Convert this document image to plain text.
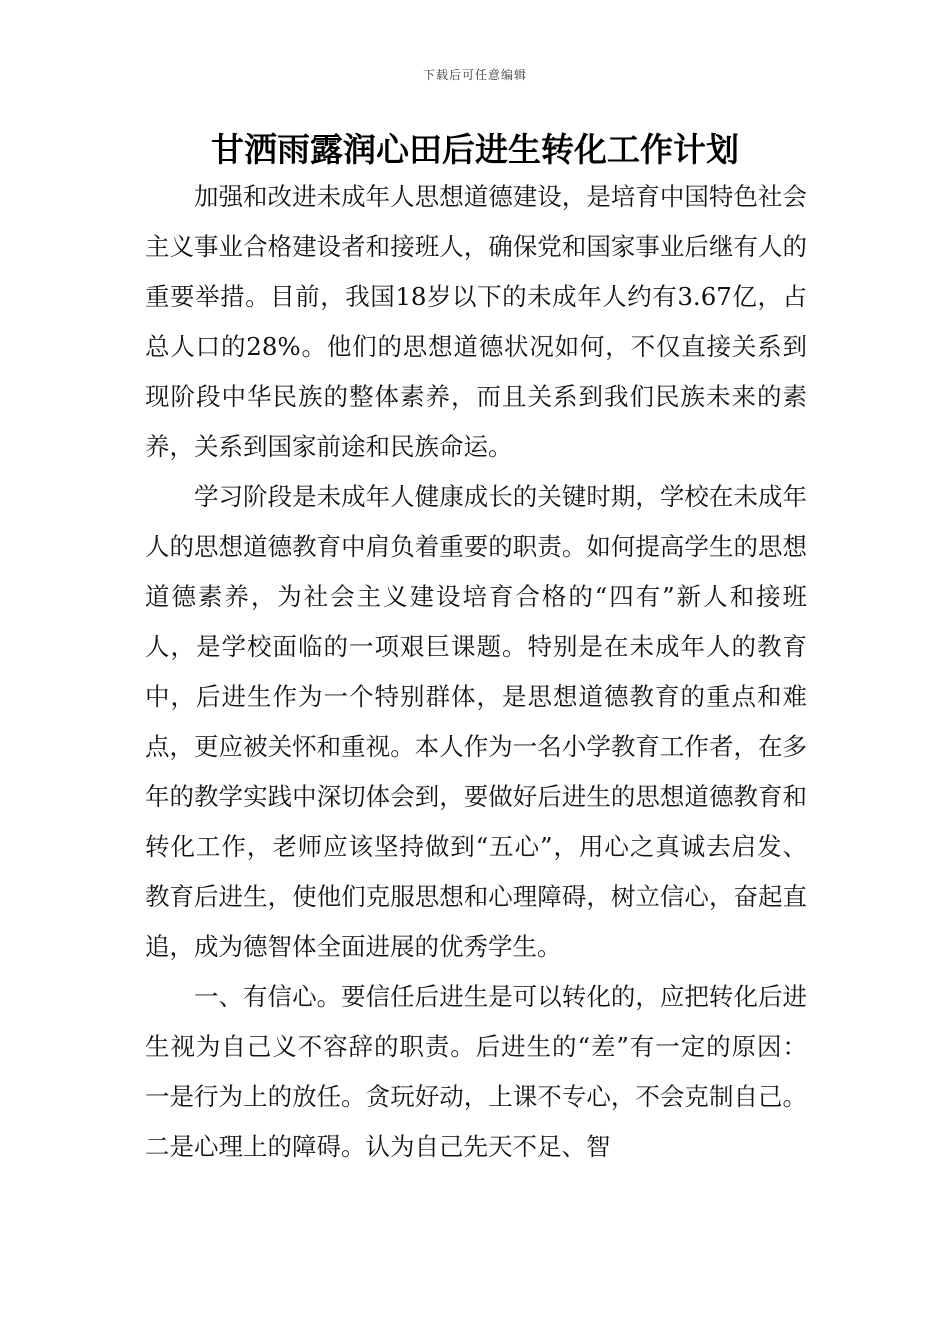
下载后可任意编辑
甘洒雨露润心田后进生转化工作计划

加强和改进未成年人思想道德建设，是培育中国特色社会主义事业合格建设者和接班人，确保党和国家事业后继有人的重要举措。目前，我国18岁以下的未成年人约有3.67亿，占总人口的28%。他们的思想道德状况如何，不仅直接关系到现阶段中华民族的整体素养，而且关系到我们民族未来的素养，关系到国家前途和民族命运。

学习阶段是未成年人健康成长的关键时期，学校在未成年人的思想道德教育中肩负着重要的职责。如何提高学生的思想道德素养，为社会主义建设培育合格的“四有”新人和接班人，是学校面临的一项艰巨课题。特别是在未成年人的教育中，后进生作为一个特别群体，是思想道德教育的重点和难点，更应被关怀和重视。本人作为一名小学教育工作者，在多年的教学实践中深切体会到，要做好后进生的思想道德教育和转化工作，老师应该坚持做到“五心”，用心之真诚去启发、教育后进生，使他们克服思想和心理障碍，树立信心，奋起直追，成为德智体全面进展的优秀学生。

一、有信心。要信任后进生是可以转化的，应把转化后进生视为自己义不容辞的职责。后进生的“差”有一定的原因：一是行为上的放任。贪玩好动，上课不专心，不会克制自己。二是心理上的障碍。认为自己先天不足、智
